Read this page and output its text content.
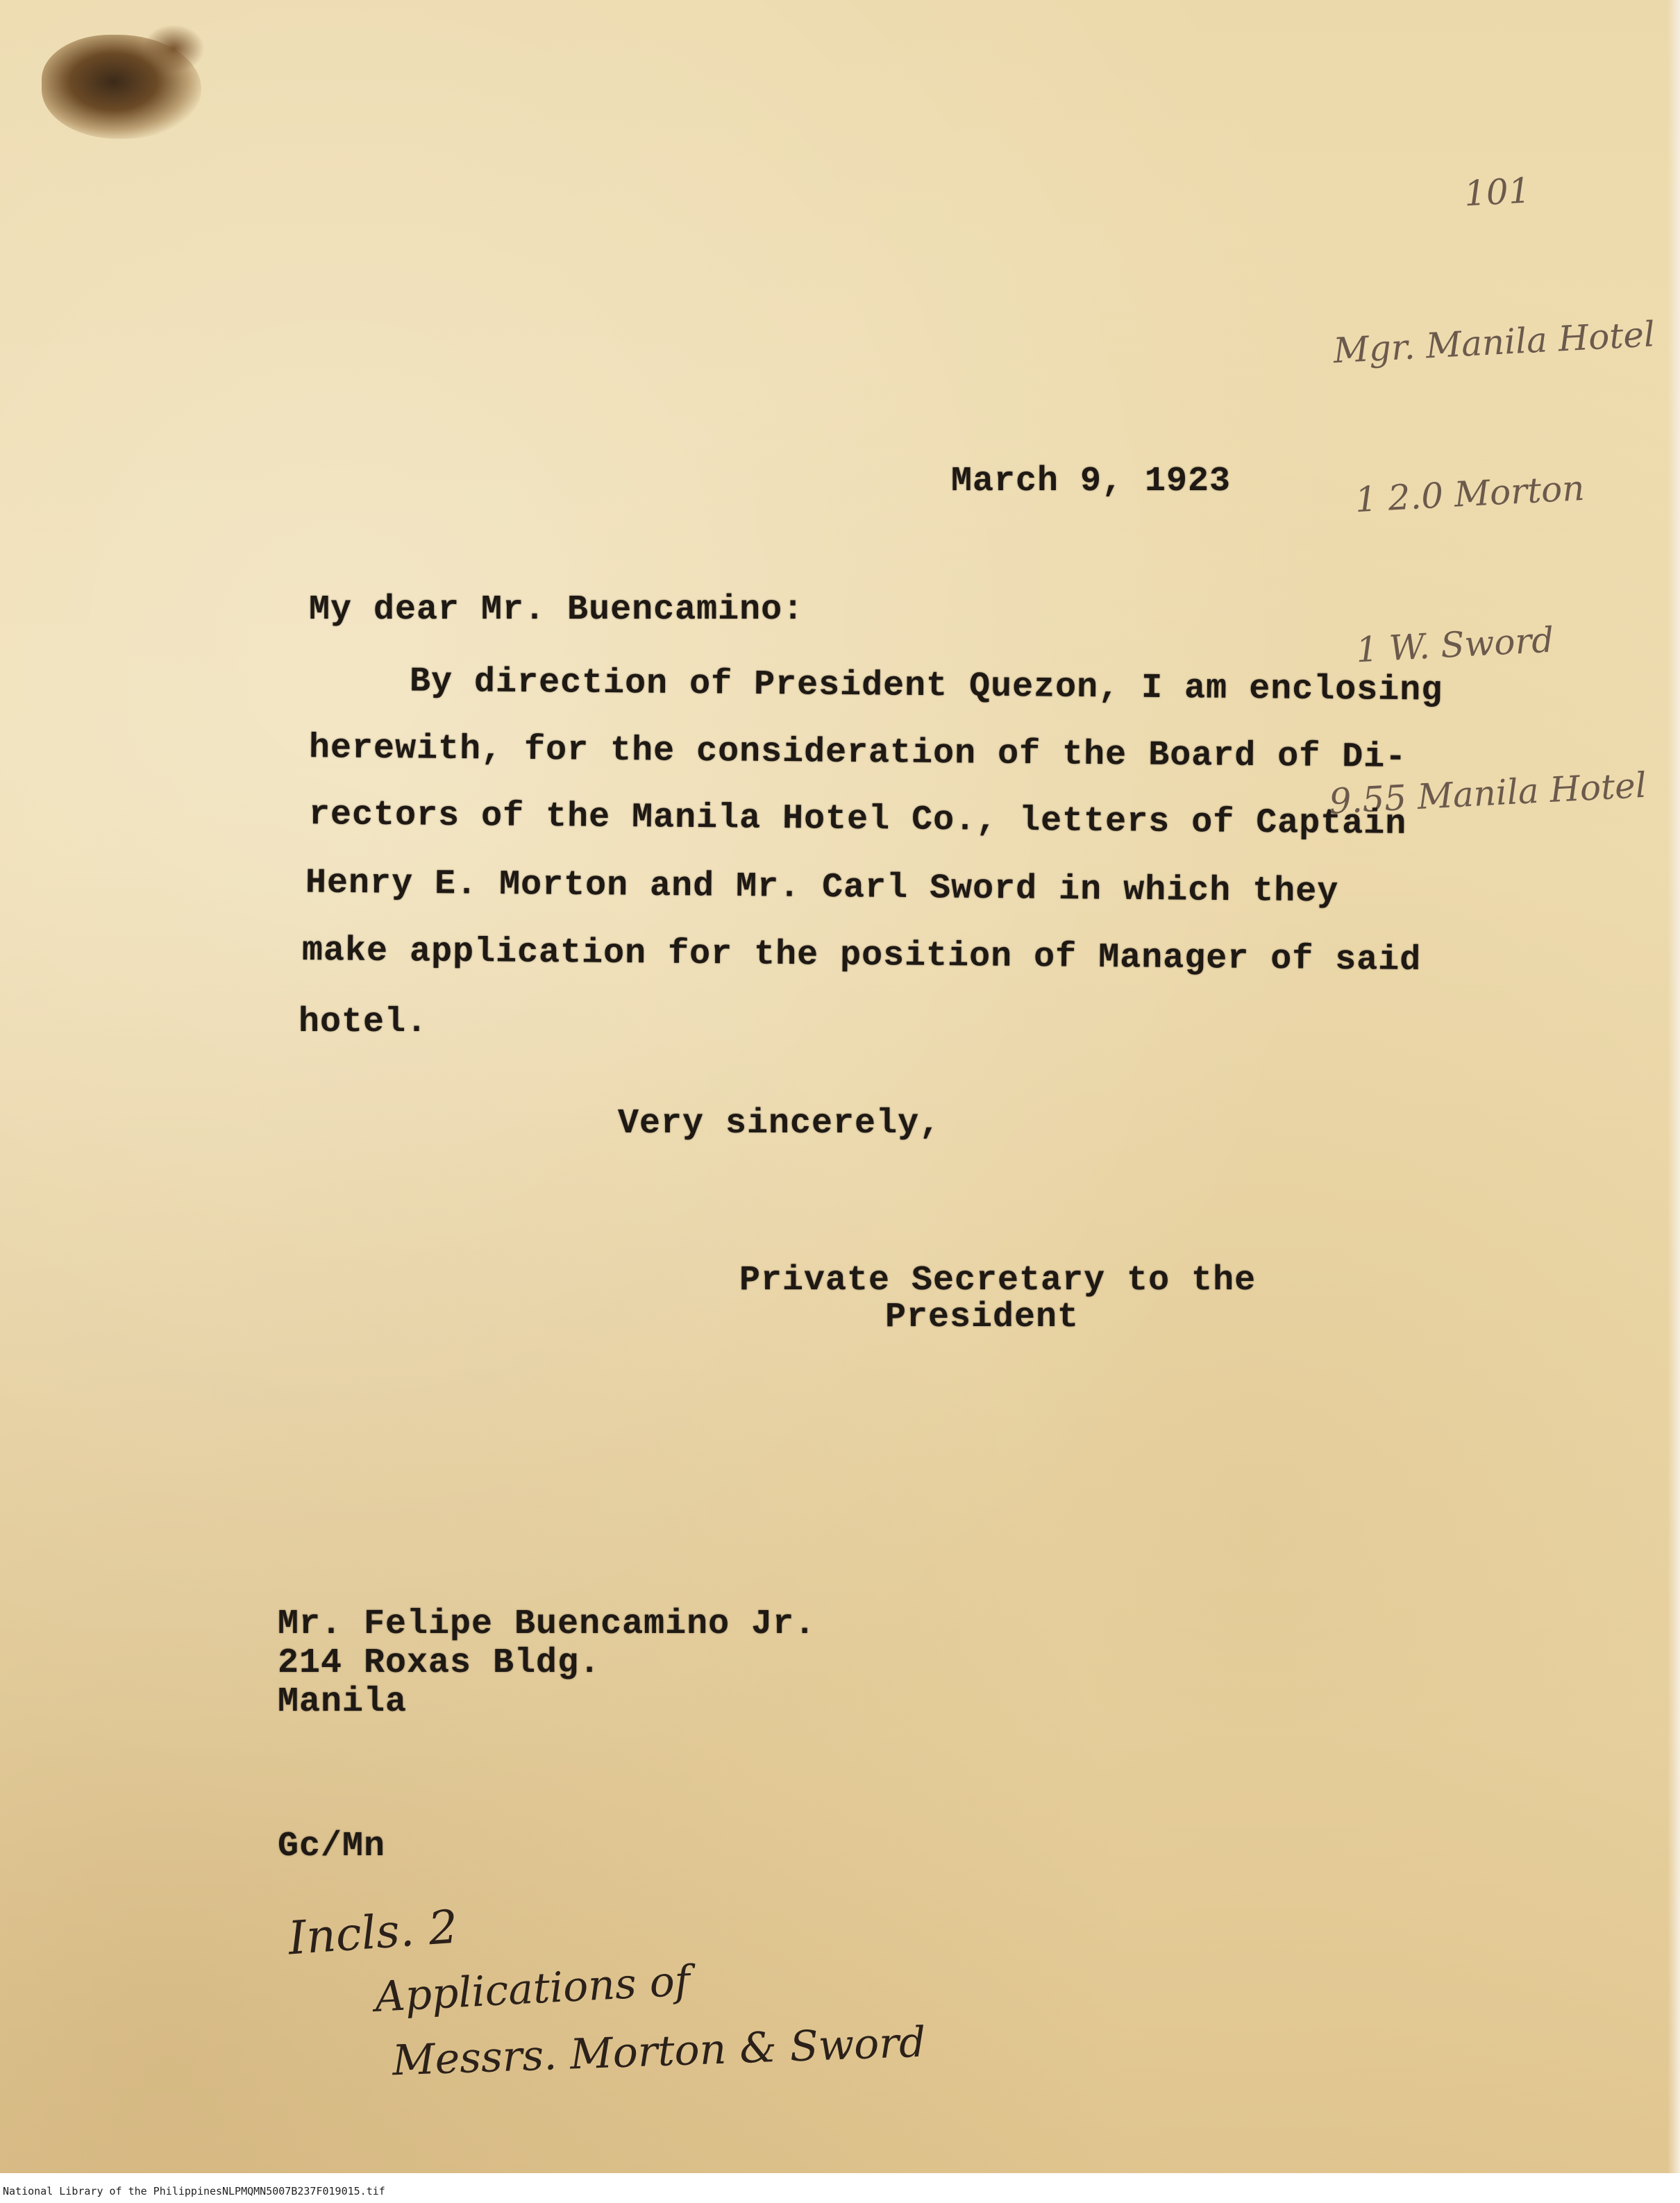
101

Mgr. Manila Hotel

1 2.0 Morton

1 W. Sword

9.55 Manila Hotel

March 9, 1923

My dear Mr. Buencamino:

By direction of President Quezon, I am enclosing

herewith, for the consideration of the Board of Di-

rectors of the Manila Hotel Co., letters of Captain

Henry E. Morton and Mr. Carl Sword in which they

make application for the position of Manager of said

hotel.

Very sincerely,

Private Secretary to the

President

Mr. Felipe Buencamino Jr.

214 Roxas Bldg.

Manila

Gc/Mn

Incls. 2

Applications of

Messrs. Morton & Sword

National Library of the Philippines NLPMQMN5007B237F019015.tif
